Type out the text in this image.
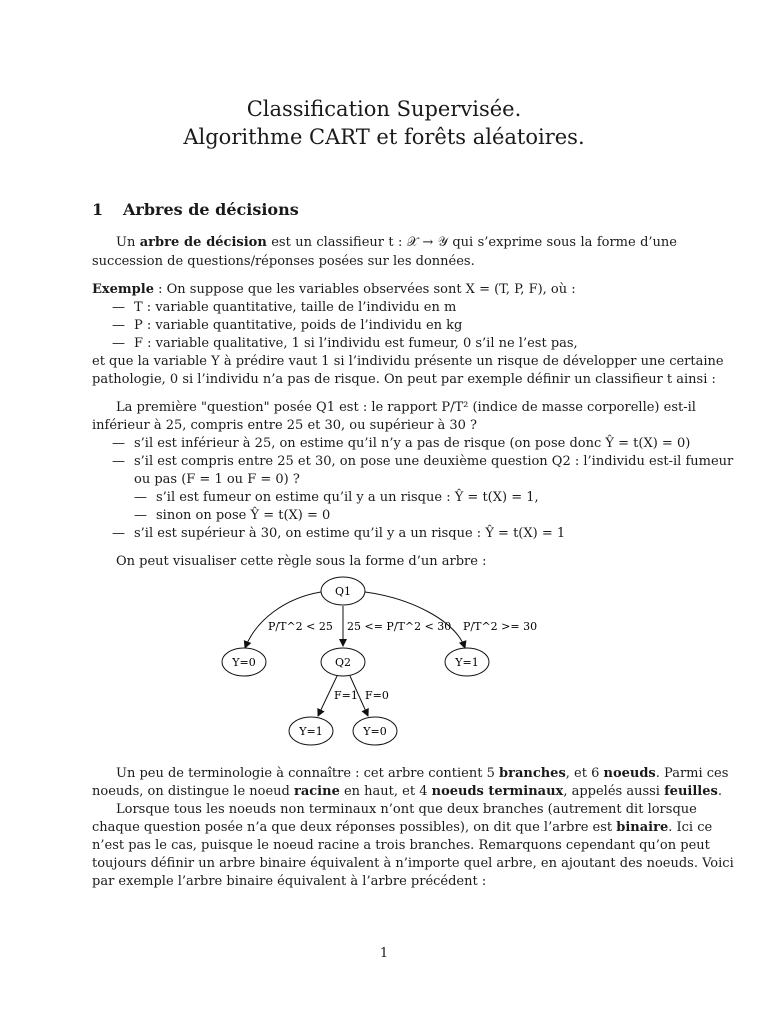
Classification Supervisée.
Algorithme CART et forêts aléatoires.
1 Arbres de décisions
Un arbre de décision est un classifieur t : 𝒳 → 𝒴 qui s’exprime sous la forme d’une
succession de questions/réponses posées sur les données.
Exemple : On suppose que les variables observées sont X = (T, P, F), où :
— T : variable quantitative, taille de l’individu en m
— P : variable quantitative, poids de l’individu en kg
— F : variable qualitative, 1 si l’individu est fumeur, 0 s’il ne l’est pas,
et que la variable Y à prédire vaut 1 si l’individu présente un risque de développer une certaine
pathologie, 0 si l’individu n’a pas de risque. On peut par exemple définir un classifieur t ainsi :
La première "question" posée Q1 est : le rapport P/T² (indice de masse corporelle) est-il
inférieur à 25, compris entre 25 et 30, ou supérieur à 30 ?
— s’il est inférieur à 25, on estime qu’il n’y a pas de risque (on pose donc Ŷ = t(X) = 0)
— s’il est compris entre 25 et 30, on pose une deuxième question Q2 : l’individu est-il fumeur
ou pas (F = 1 ou F = 0) ?
— s’il est fumeur on estime qu’il y a un risque : Ŷ = t(X) = 1,
— sinon on pose Ŷ = t(X) = 0
— s’il est supérieur à 30, on estime qu’il y a un risque : Ŷ = t(X) = 1
On peut visualiser cette règle sous la forme d’un arbre :
P/T^2 < 25 25 <= P/T^2 < 30 P/T^2 >= 30
F=1 F=0
Q1
Y=0	Q2	Y=1
Y=1	Y=0
Un peu de terminologie à connaître : cet arbre contient 5 branches, et 6 noeuds. Parmi ces
noeuds, on distingue le noeud racine en haut, et 4 noeuds terminaux, appelés aussi feuilles.
Lorsque tous les noeuds non terminaux n’ont que deux branches (autrement dit lorsque
chaque question posée n’a que deux réponses possibles), on dit que l’arbre est binaire. Ici ce
n’est pas le cas, puisque le noeud racine a trois branches. Remarquons cependant qu’on peut
toujours définir un arbre binaire équivalent à n’importe quel arbre, en ajoutant des noeuds. Voici
par exemple l’arbre binaire équivalent à l’arbre précédent :
1
